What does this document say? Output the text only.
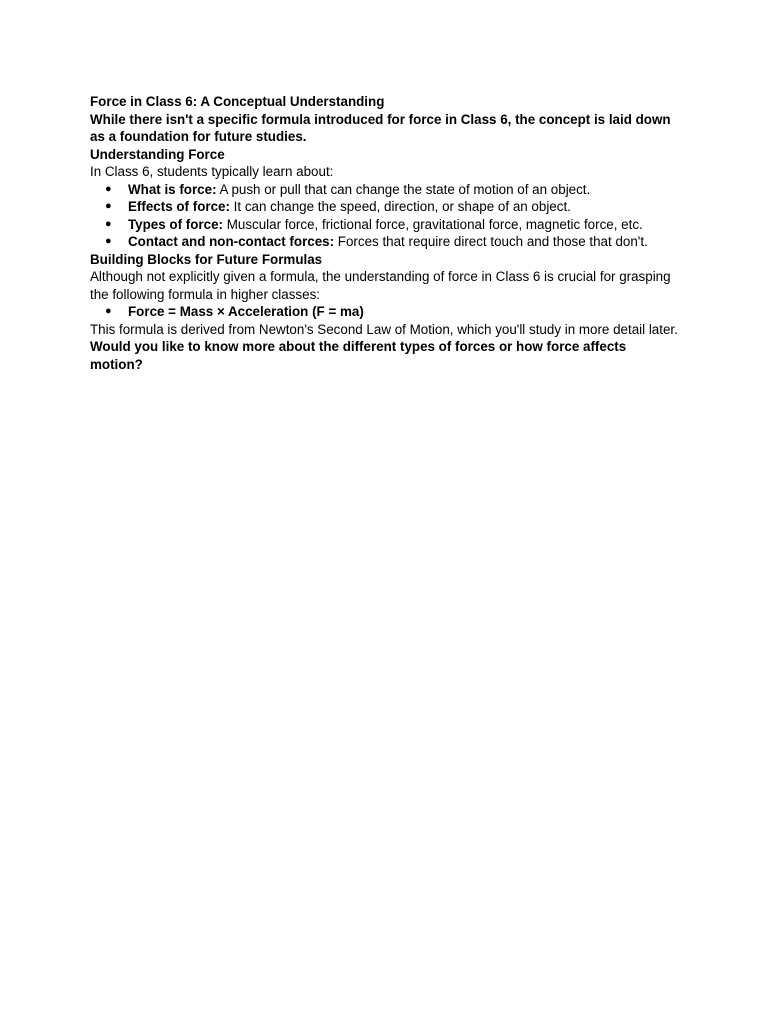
Force in Class 6: A Conceptual Understanding

While there isn't a specific formula introduced for force in Class 6, the concept is laid down as a foundation for future studies.

Understanding Force

In Class 6, students typically learn about:

● What is force: A push or pull that can change the state of motion of an object.
● Effects of force: It can change the speed, direction, or shape of an object.
● Types of force: Muscular force, frictional force, gravitational force, magnetic force, etc.
● Contact and non-contact forces: Forces that require direct touch and those that don't.

Building Blocks for Future Formulas

Although not explicitly given a formula, the understanding of force in Class 6 is crucial for grasping the following formula in higher classes:

● Force = Mass × Acceleration (F = ma)

This formula is derived from Newton's Second Law of Motion, which you'll study in more detail later.

Would you like to know more about the different types of forces or how force affects motion?
